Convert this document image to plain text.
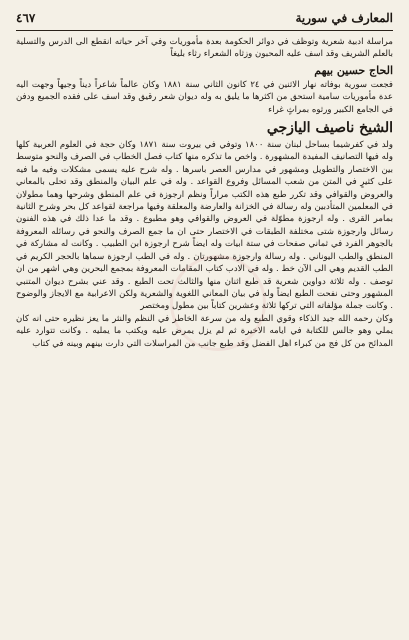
المعارف في سورية
٤٦٧

مراسلة ادبية شعرية وتوظف في دوائر الحكومة بعدة مأموريات وفي آخر حياته انقطع الى الدرس والتسلية بالعلم الشريف وقد اسف عليه المحبون وزثاه الشعراء رثاء بليغاً

الحاج حسين بيهم

فجعت سورية بوفاته نهار الاثنين في ٢٤ كانون الثاني سنة ١٨٨١ وكان عالماً شاعراً ديناً وجيهاً وجهت اليه عدة مأموريات سامية استحق من اكثرها ما يليق به وله ديوان شعر رقيق وقد اسف على فقده الجميع ودفن في الجامع الكبير ورثوه بمراثٍ غراء

الشيخ ناصيف اليازجي

ولد في كفرشيما بساحل لبنان سنة ١٨٠٠ وتوفي في بيروت سنة ١٨٧١ وكان حجة في العلوم العربية كلها وله فيها التصانيف المفيدة المشهورة . واخص ما تذكره منها كتاب فصل الخطاب في الصرف والنحو متوسط بين الاختصار والتطويل ومشهور في مدارس العصر باسرها . وله شرح عليه يسمى مشكلات وفيه ما فيه على كثيرٍ في المتن من شعب المسائل وفروع القواعد . وله في علم البيان والمنطق وقد تحلى بالمعاني والعروض والقوافي وقد تكرر طبع هذه الكتب مراراً ونظم ارجوزة في علم المنطق وشرحها وهما مطولان في المعلمين المتأدبين وله رسالة في الخزانة والعارضة والمعلقة وفيها مراجعة لقواعد كل بحر وشرح الثانية بمامر القرى . وله ارجوزة مطوّلة في العروض والقوافي وهو مطبوع . وقد ما عدا ذلك في هذه الفنون رسائل وارجوزة شتى مختلفة الطبقات في الاختصار حتى ان ما جمع الصرف والنحو في رسائله المعروفة بالجوهر الفرد في ثماني صفحات في ستة ابيات وله ايضاً شرح ارجوزة ابن الطبيب . وكانت له مشاركة في المنطق والطب اليوناني . وله رسالة وارجوزة مشهورتان . وله في الطب ارجوزة سماها بالحجر الكريم في الطب القديم وهي الى الآن خط . وله في الادب كتاب المقامات المعروفة بمجمع البحرين وهي اشهر من ان توصف . وله ثلاثة دواوين شعرية قد طبع اثنان منها والثالث تحت الطبع . وقد عني بشرح ديوان المتنبي المشهور وحتى نفحت الطبع ايضاً وله في بيان المعاني اللغوية والشعرية ولكن الاعرابية مع الايجاز والوضوح . وكانت جملة مؤلفاته التي تركها ثلاثة وعشرين كتاباً بين مطول ومختصر

وكان رحمه الله جيد الذكاء وقوي الطبع وله من سرعة الخاطر في النظم والنثر ما يعز نظيره حتى انه كان يملي وهو جالس للكتابة في ايامه الاخيرة ثم لم يزل يمرض عليه ويكتب ما يمليه . وكانت تتوارد عليه المدائح من كل فج من كبراء اهل الفضل وقد طبع جانب من المراسلات التي دارت بينهم وبينه في كتاب
